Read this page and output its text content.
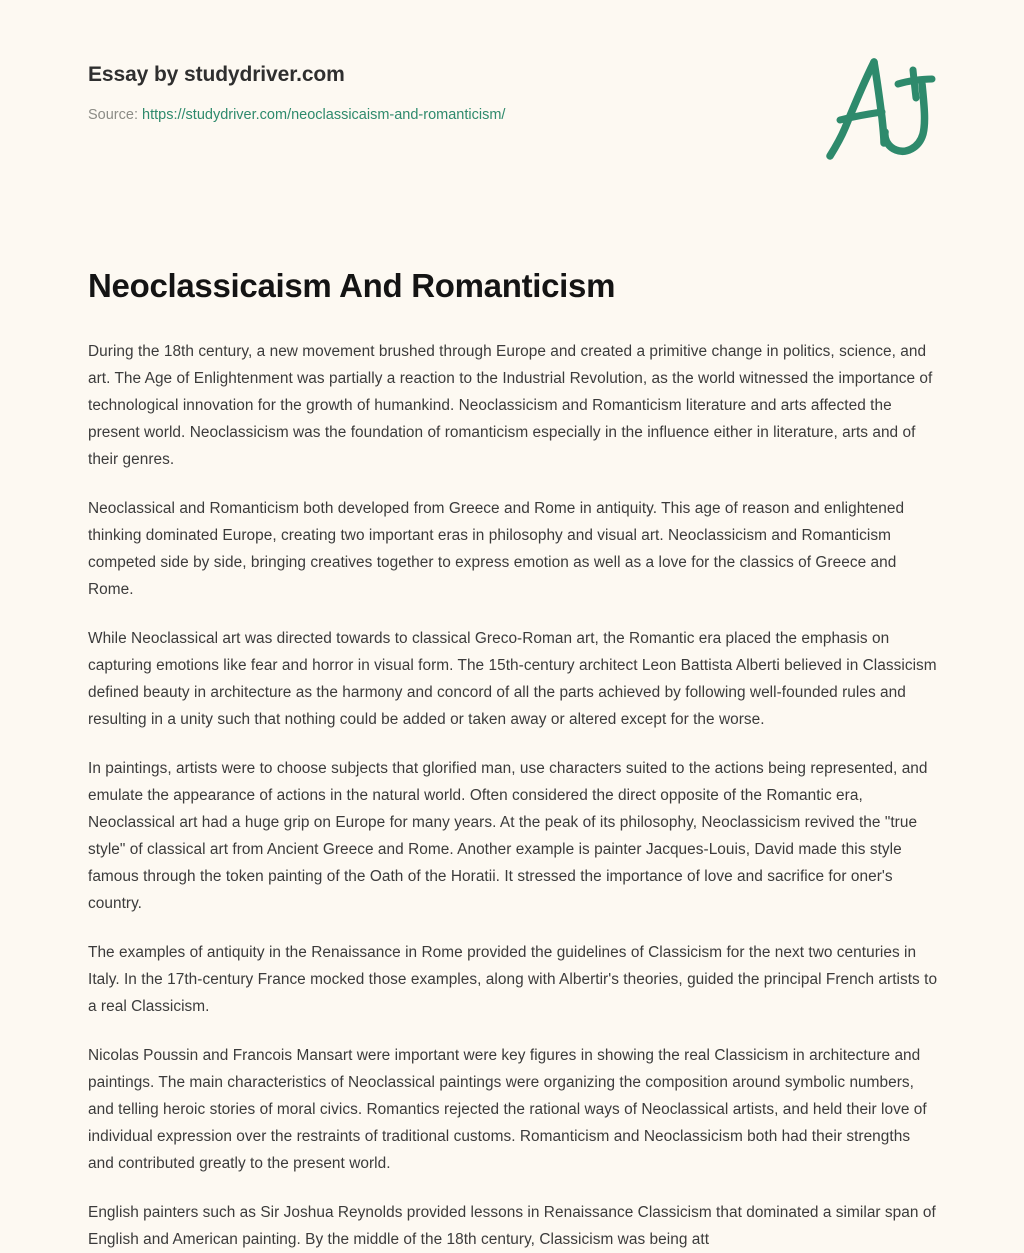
Essay by studydriver.com
Source: https://studydriver.com/neoclassicaism-and-romanticism/
Neoclassicaism And Romanticism

During the 18th century, a new movement brushed through Europe and created a primitive change in politics, science, and art. The Age of Enlightenment was partially a reaction to the Industrial Revolution, as the world witnessed the importance of technological innovation for the growth of humankind. Neoclassicism and Romanticism literature and arts affected the present world. Neoclassicism was the foundation of romanticism especially in the influence either in literature, arts and of their genres.

Neoclassical and Romanticism both developed from Greece and Rome in antiquity. This age of reason and enlightened thinking dominated Europe, creating two important eras in philosophy and visual art. Neoclassicism and Romanticism competed side by side, bringing creatives together to express emotion as well as a love for the classics of Greece and Rome.

While Neoclassical art was directed towards to classical Greco-Roman art, the Romantic era placed the emphasis on capturing emotions like fear and horror in visual form. The 15th-century architect Leon Battista Alberti believed in Classicism defined beauty in architecture as the harmony and concord of all the parts achieved by following well-founded rules and resulting in a unity such that nothing could be added or taken away or altered except for the worse.

In paintings, artists were to choose subjects that glorified man, use characters suited to the actions being represented, and emulate the appearance of actions in the natural world. Often considered the direct opposite of the Romantic era, Neoclassical art had a huge grip on Europe for many years. At the peak of its philosophy, Neoclassicism revived the "true style" of classical art from Ancient Greece and Rome. Another example is painter Jacques-Louis, David made this style famous through the token painting of the Oath of the Horatii. It stressed the importance of love and sacrifice for oner's country.

The examples of antiquity in the Renaissance in Rome provided the guidelines of Classicism for the next two centuries in Italy. In the 17th-century France mocked those examples, along with Albertir's theories, guided the principal French artists to a real Classicism.

Nicolas Poussin and Francois Mansart were important were key figures in showing the real Classicism in architecture and paintings. The main characteristics of Neoclassical paintings were organizing the composition around symbolic numbers, and telling heroic stories of moral civics. Romantics rejected the rational ways of Neoclassical artists, and held their love of individual expression over the restraints of traditional customs. Romanticism and Neoclassicism both had their strengths and contributed greatly to the present world.

English painters such as Sir Joshua Reynolds provided lessons in Renaissance Classicism that dominated a similar span of English and American painting. By the middle of the 18th century, Classicism was being att
